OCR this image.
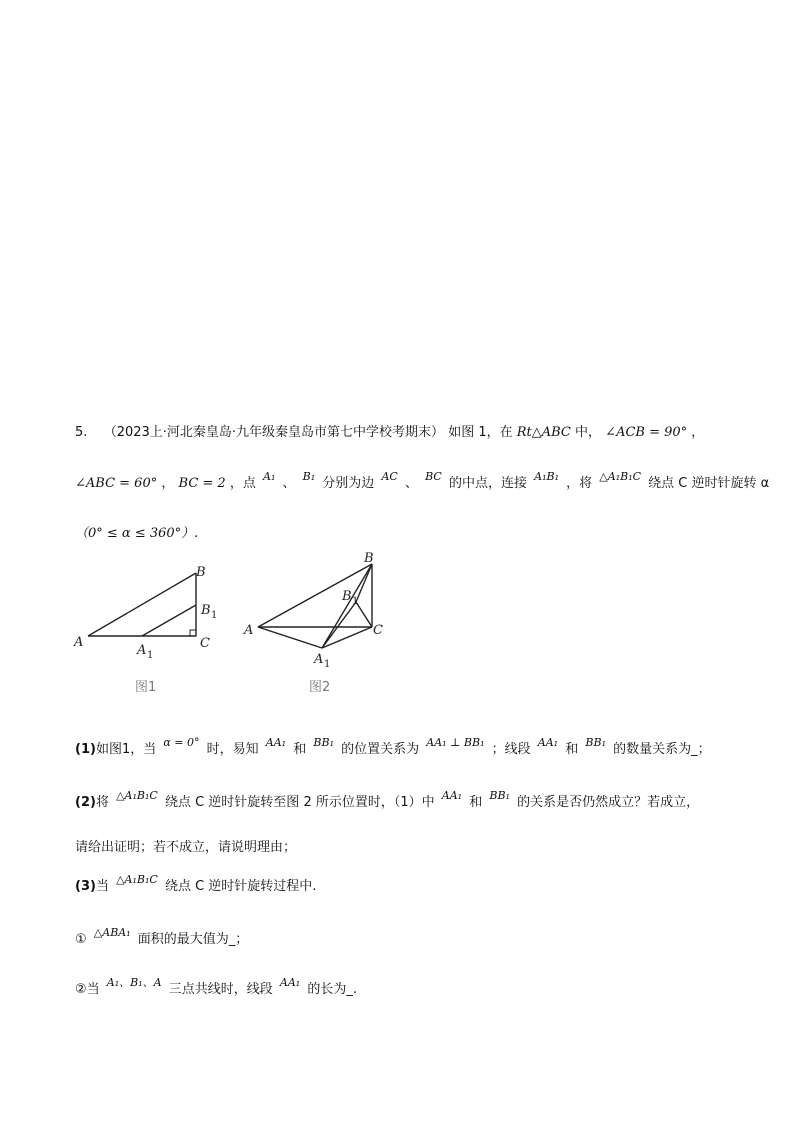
5. （2023上·河北秦皇岛·九年级秦皇岛市第七中学校考期末） 如图 1，在 Rt△ABC 中， ∠ACB = 90° ，
∠ABC = 60° ， BC = 2 ，点 $^{A_1}$ 、 $^{B_1}$ 分别为边 $^{AC}$ 、 $^{BC}$ 的中点，连接 $^{A_1B_1}$ ，将 $^{\triangle A_1B_1C}$ 绕点 C 逆时针旋转 α
（0° ≤ α ≤ 360°）.
A
B
C
A 1
B 1
图1
A
B
C
A 1
B 1
图2
(1)如图1，当 $^{\alpha = 0^\circ}$ 时，易知 $^{AA_1}$ 和 $^{BB_1}$ 的位置关系为 $^{AA_1 \perp BB_1}$ ；线段 $^{AA_1}$ 和 $^{BB_1}$ 的数量关系为_；
(2)将 $^{\triangle A_1B_1C}$ 绕点 C 逆时针旋转至图 2 所示位置时，（1）中 $^{AA_1}$ 和 $^{BB_1}$ 的关系是否仍然成立？若成立，
请给出证明；若不成立，请说明理由；
(3)当 $^{\triangle A_1B_1C}$ 绕点 C 逆时针旋转过程中.
① $^{\triangle ABA_1}$ 面积的最大值为_；
②当 $^{A_1、B_1、A}$ 三点共线时，线段 $^{AA_1}$ 的长为_.
